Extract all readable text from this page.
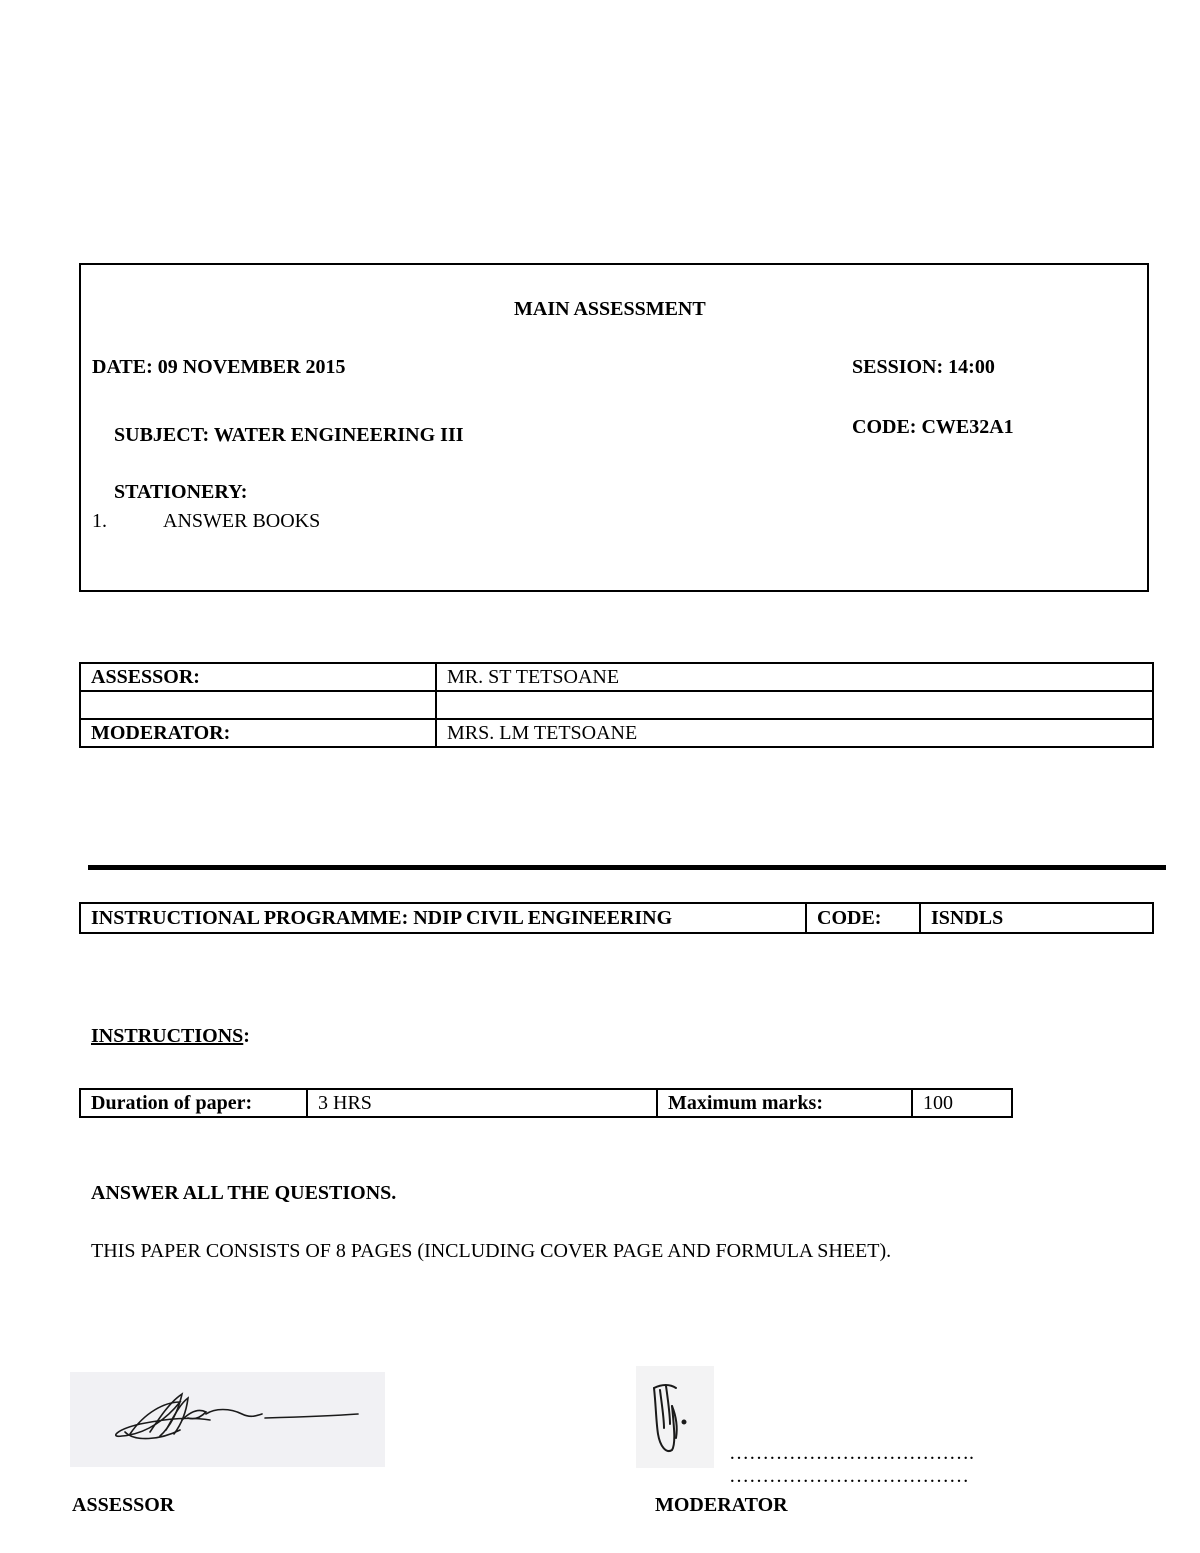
MAIN ASSESSMENT
DATE: 09 NOVEMBER 2015	SESSION: 14:00
CODE: CWE32A1
SUBJECT: WATER ENGINEERING III
STATIONERY:
1.	ANSWER BOOKS
ASSESSOR:	MR. ST TETSOANE

MODERATOR:	MRS. LM TETSOANE
INSTRUCTIONAL PROGRAMME: NDIP CIVIL ENGINEERING	CODE:	ISNDLS
INSTRUCTIONS:
Duration of paper:	3 HRS	Maximum marks:	100
ANSWER ALL THE QUESTIONS.
THIS PAPER CONSISTS OF 8 PAGES (INCLUDING COVER PAGE AND FORMULA SHEET).
……………………………….
………………………………
ASSESSOR	MODERATOR
